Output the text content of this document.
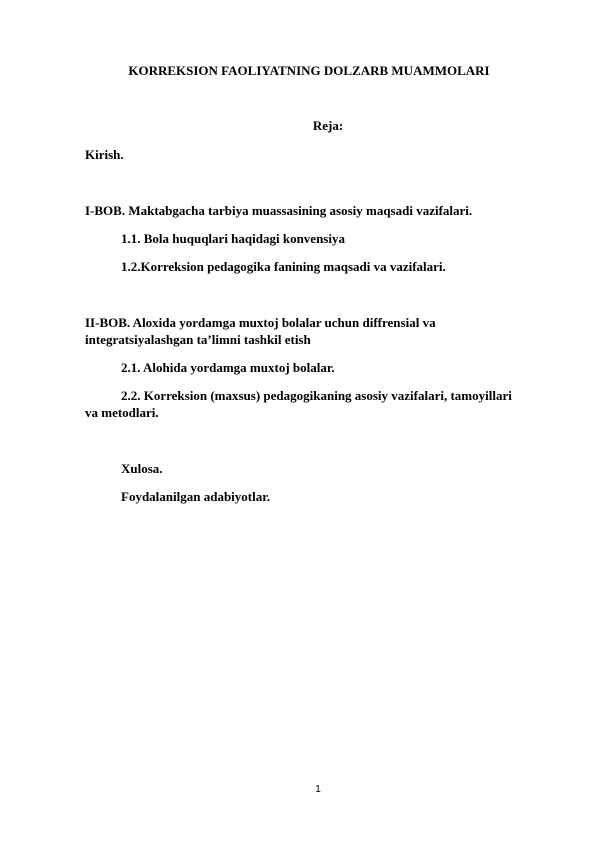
KORREKSION FAOLIYATNING DOLZARB MUAMMOLARI
Reja:
Kirish.
I-BOB. Maktabgacha tarbiya muassasining asosiy maqsadi vazifalari.
1.1. Bola huquqlari haqidagi konvensiya
1.2.Korreksion pedagogika fanining maqsadi va vazifalari.
II-BOB. Aloxida yordamga muxtoj bolalar uchun diffrensial va
integratsiyalashgan ta’limni tashkil etish
2.1. Alohida yordamga muxtoj bolalar.
2.2. Korreksion (maxsus) pedagogikaning asosiy vazifalari, tamoyillari
va metodlari.
Xulosa.
Foydalanilgan adabiyotlar.
1
